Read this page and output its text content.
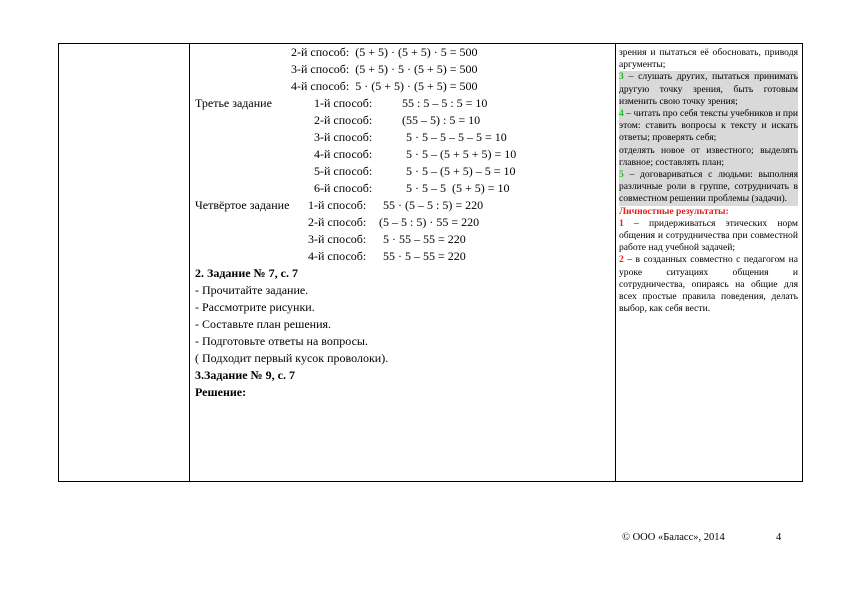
2-й способ: (5 + 5) · (5 + 5) · 5 = 500
3-й способ: (5 + 5) · 5 · (5 + 5) = 500
4-й способ: 5 · (5 + 5) · (5 + 5) = 500
Третье задание	1-й способ: 55 : 5 – 5 : 5 = 10
2-й способ: (55 – 5) : 5 = 10
3-й способ:	5 · 5 – 5 – 5 – 5 = 10
4-й способ:	5 · 5 – (5 + 5 + 5) = 10
5-й способ:	5 · 5 – (5 + 5) – 5 = 10
6-й способ:	5 · 5 – 5  (5 + 5) = 10
Четвёртое задание 1-й способ: 55 · (5 – 5 : 5) = 220
2-й способ: (5 – 5 : 5) · 55 = 220
3-й способ: 5 · 55 – 55 = 220
4-й способ: 55 · 5 – 55 = 220
2. Задание № 7, с. 7
- Прочитайте задание.
- Рассмотрите рисунки.
- Составьте план решения.
- Подготовьте ответы на вопросы.
( Подходит первый кусок проволоки).
3.Задание № 9, с. 7
Решение:

зрения и пытаться её обосновать, приводя аргументы;

3 – слушать других, пытаться принимать другую точку зрения, быть готовым изменить свою точку зрения;

4 – читать про себя тексты учебников и при этом: ставить вопросы к тексту и искать ответы; проверять себя;

отделять новое от известного; выделять главное; составлять план;

5 – договариваться с людьми: выполняя различные роли в группе, сотрудничать в совместном решении проблемы (задачи).

Личностные результаты:

1 – придерживаться этических норм общения и сотрудничества при совместной работе над учебной задачей;

2 – в созданных совместно с педагогом на уроке ситуациях общения и сотрудничества, опираясь на общие для всех простые правила поведения, делать выбор, как себя вести.

© ООО «Баласс», 2014	4
